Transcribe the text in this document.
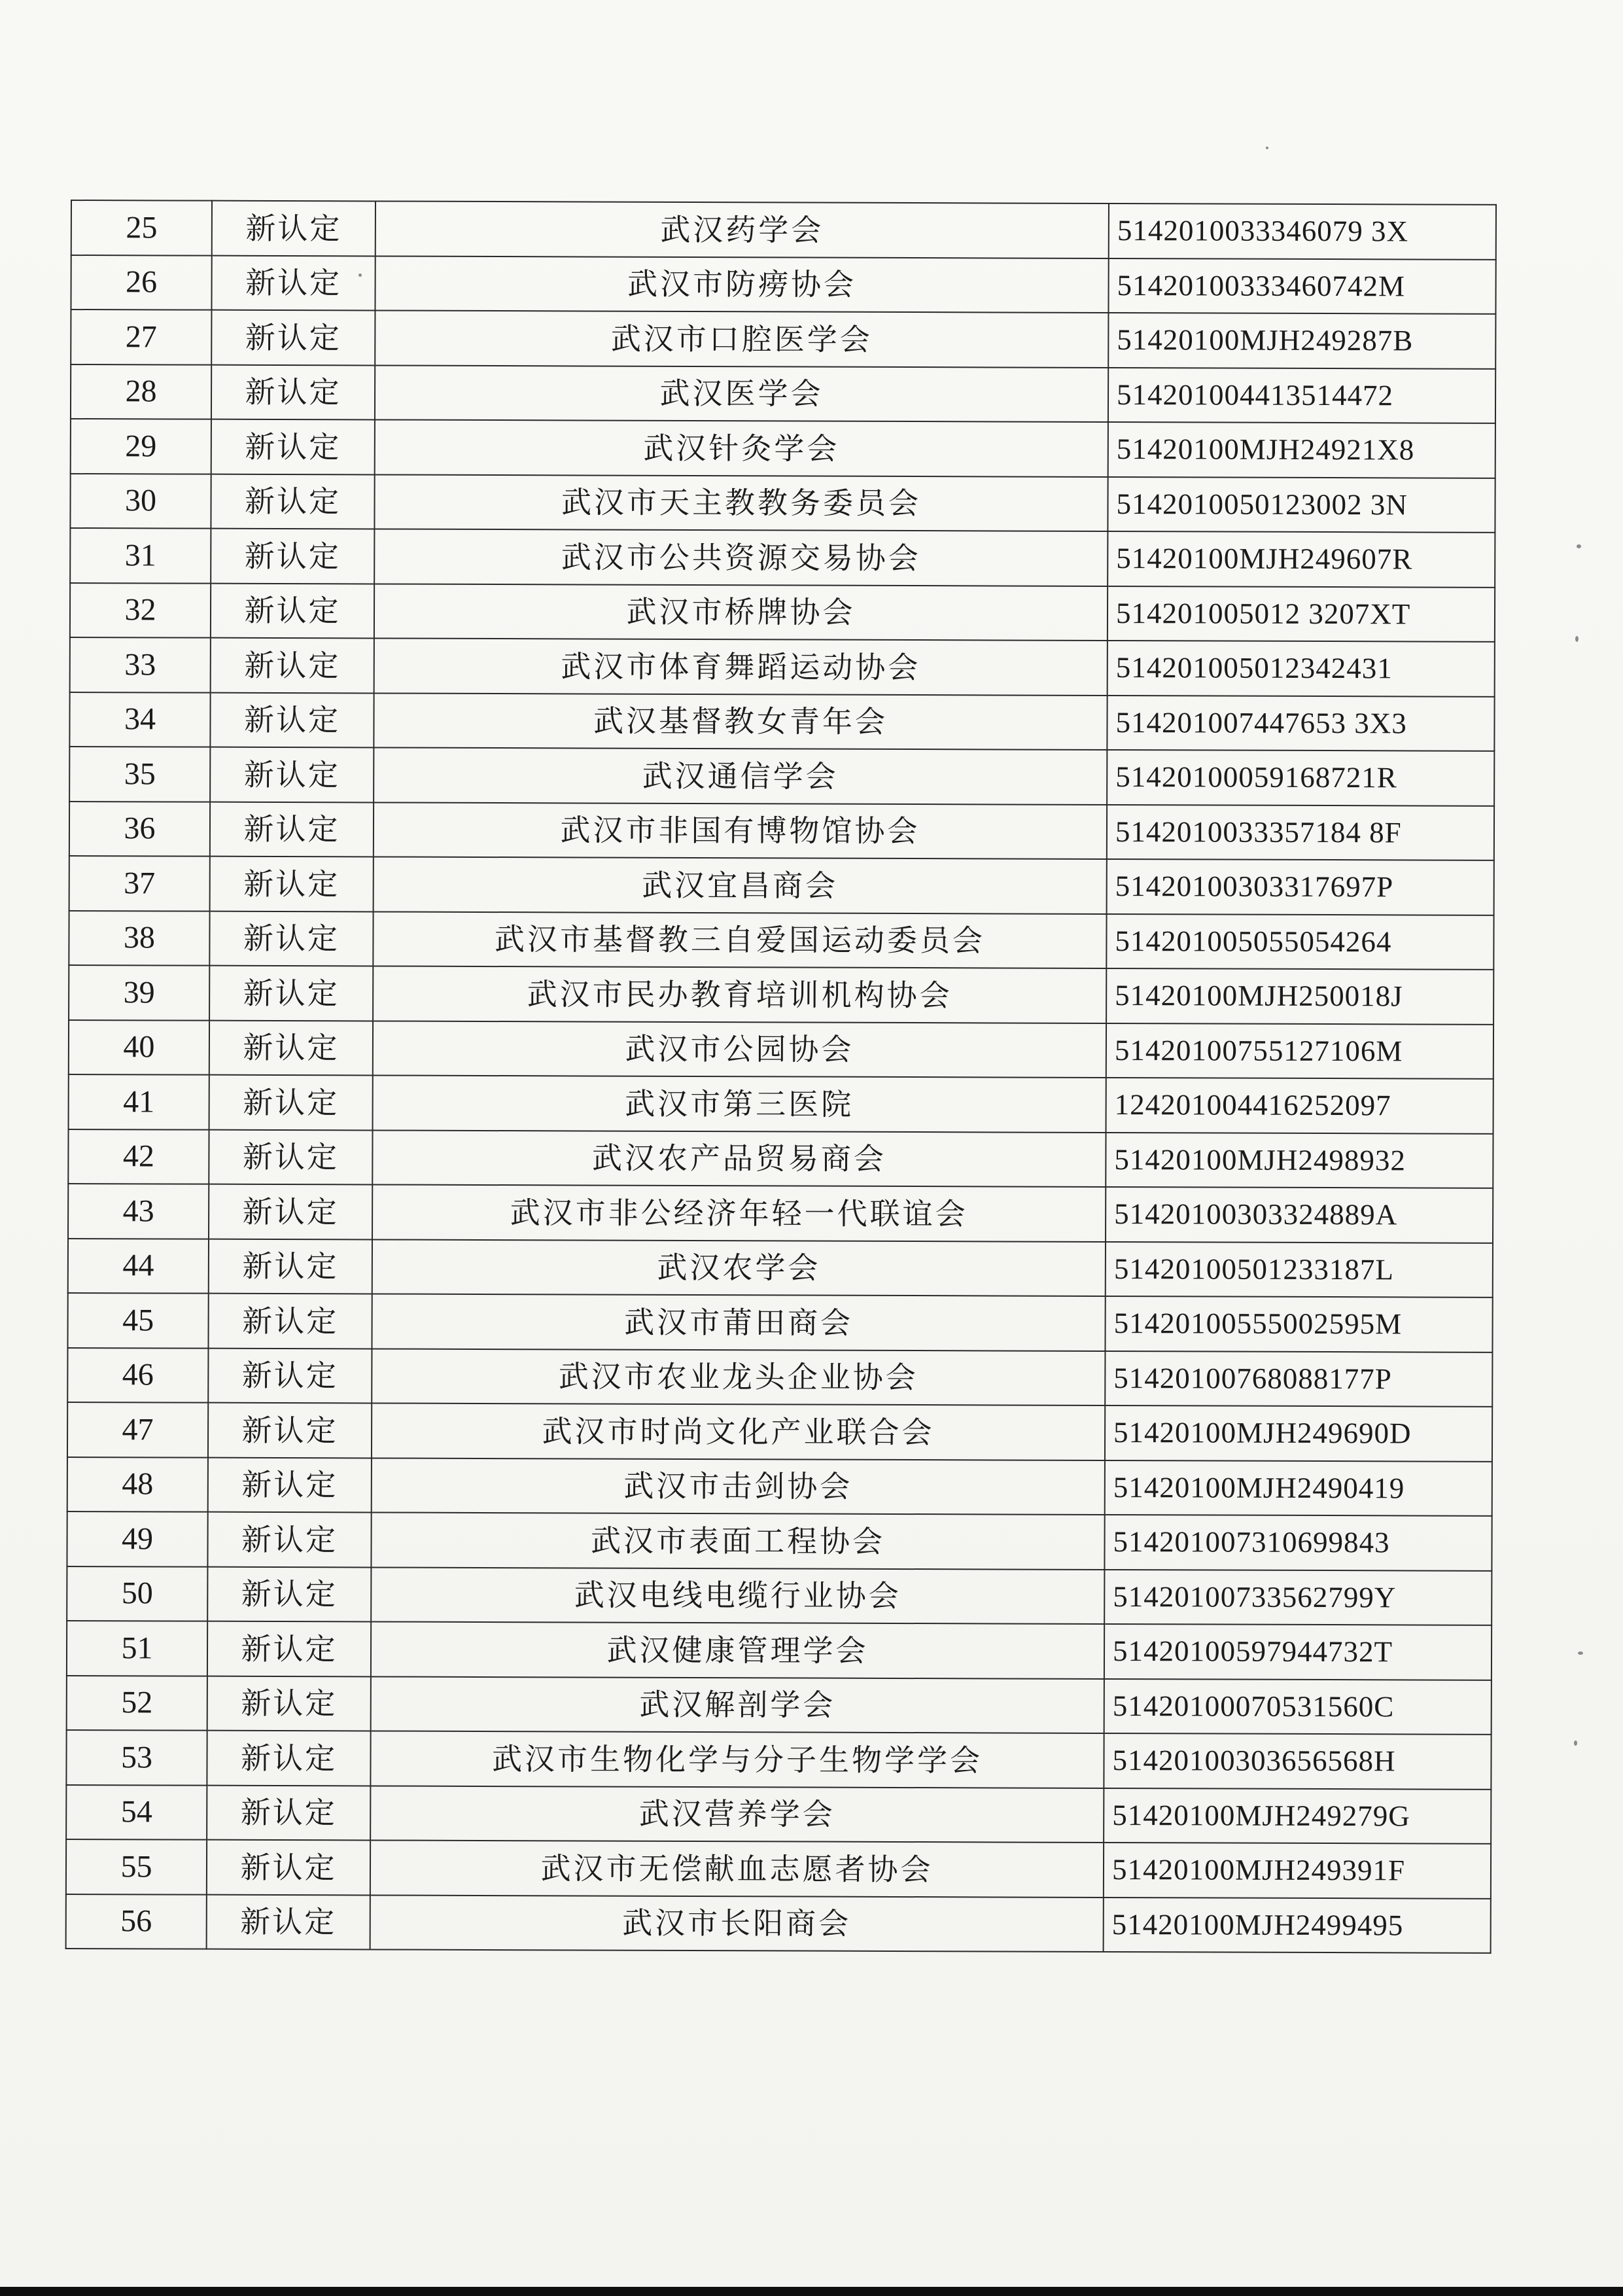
25	新认定	武汉药学会	5142010033346079 3X
26	新认定	武汉市防痨协会	51420100333460742M
27	新认定	武汉市口腔医学会	51420100MJH249287B
28	新认定	武汉医学会	514201004413514472
29	新认定	武汉针灸学会	51420100MJH24921X8
30	新认定	武汉市天主教教务委员会	5142010050123002 3N
31	新认定	武汉市公共资源交易协会	51420100MJH249607R
32	新认定	武汉市桥牌协会	514201005012 3207XT
33	新认定	武汉市体育舞蹈运动协会	514201005012342431
34	新认定	武汉基督教女青年会	514201007447653 3X3
35	新认定	武汉通信学会	51420100059168721R
36	新认定	武汉市非国有博物馆协会	5142010033357184 8F
37	新认定	武汉宜昌商会	51420100303317697P
38	新认定	武汉市基督教三自爱国运动委员会	514201005055054264
39	新认定	武汉市民办教育培训机构协会	51420100MJH250018J
40	新认定	武汉市公园协会	51420100755127106M
41	新认定	武汉市第三医院	124201004416252097
42	新认定	武汉农产品贸易商会	51420100MJH2498932
43	新认定	武汉市非公经济年轻一代联谊会	51420100303324889A
44	新认定	武汉农学会	51420100501233187L
45	新认定	武汉市莆田商会	51420100555002595M
46	新认定	武汉市农业龙头企业协会	51420100768088177P
47	新认定	武汉市时尚文化产业联合会	51420100MJH249690D
48	新认定	武汉市击剑协会	51420100MJH2490419
49	新认定	武汉市表面工程协会	514201007310699843
50	新认定	武汉电线电缆行业协会	51420100733562799Y
51	新认定	武汉健康管理学会	51420100597944732T
52	新认定	武汉解剖学会	51420100070531560C
53	新认定	武汉市生物化学与分子生物学学会	51420100303656568H
54	新认定	武汉营养学会	51420100MJH249279G
55	新认定	武汉市无偿献血志愿者协会	51420100MJH249391F
56	新认定	武汉市长阳商会	51420100MJH2499495
